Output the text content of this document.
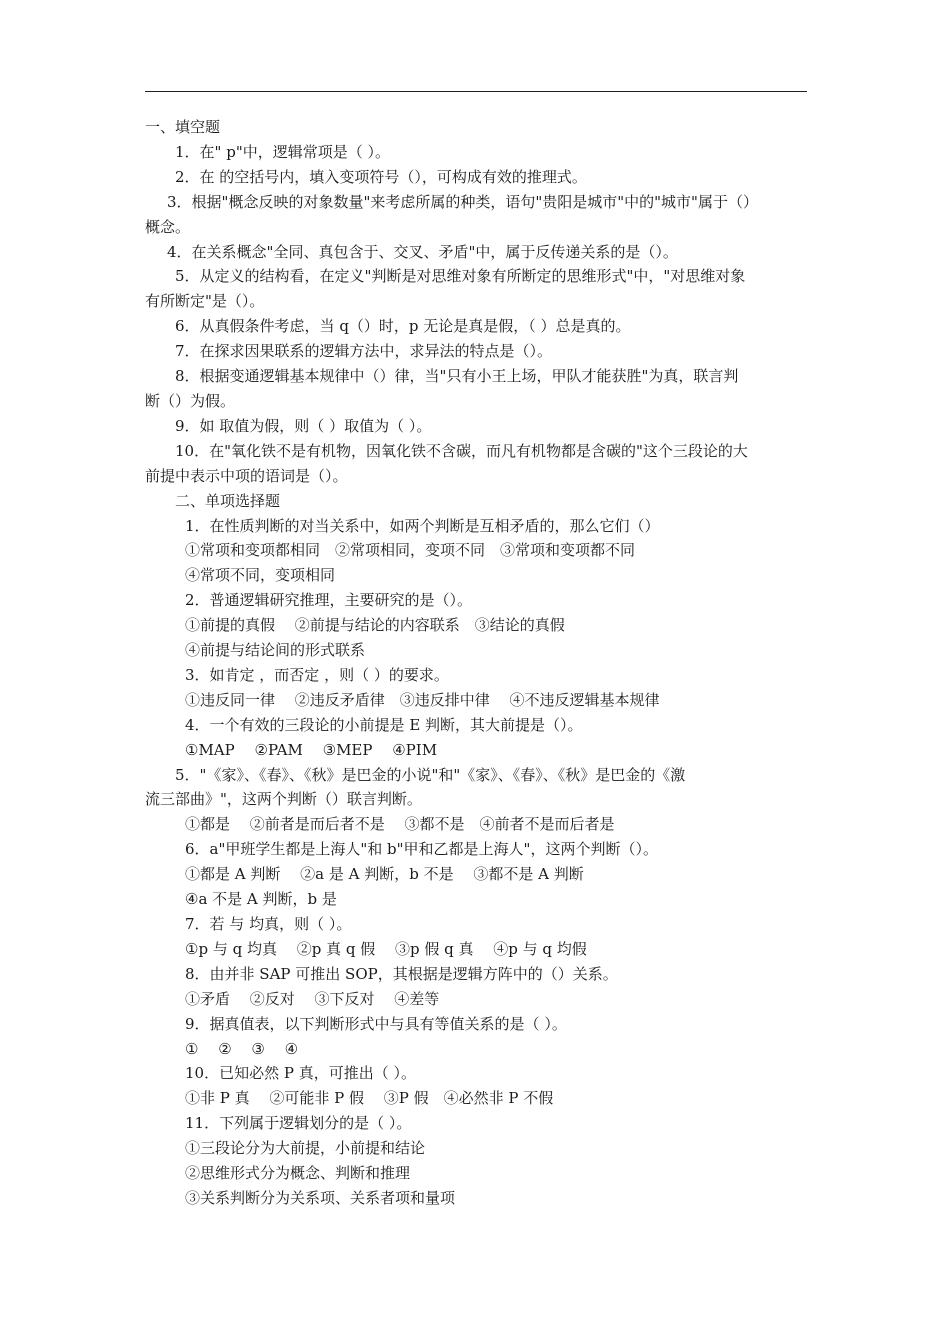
一、填空题
1．在" p"中，逻辑常项是（ ）。
2．在 的空括号内，填入变项符号（），可构成有效的推理式。
3．根据"概念反映的对象数量"来考虑所属的种类，语句"贵阳是城市"中的"城市"属于（）
概念。
4．在关系概念"全同、真包含于、交叉、矛盾"中，属于反传递关系的是（）。
5．从定义的结构看，在定义"判断是对思维对象有所断定的思维形式"中，"对思维对象
有所断定"是（）。
6．从真假条件考虑，当 q（）时，p 无论是真是假，（ ）总是真的。
7．在探求因果联系的逻辑方法中，求异法的特点是（）。
8．根据变通逻辑基本规律中（）律，当"只有小王上场，甲队才能获胜"为真，联言判
断（）为假。
9．如 取值为假，则（ ）取值为（ ）。
10．在"氧化铁不是有机物，因氧化铁不含碳，而凡有机物都是含碳的"这个三段论的大
前提中表示中项的语词是（）。
二、单项选择题
1．在性质判断的对当关系中，如两个判断是互相矛盾的，那么它们（）
①常项和变项都相同　②常项相同，变项不同　③常项和变项都不同
④常项不同，变项相同
2．普通逻辑研究推理，主要研究的是（）。
①前提的真假　 ②前提与结论的内容联系　③结论的真假
④前提与结论间的形式联系
3．如肯定 ，而否定 ，则（ ）的要求。
①违反同一律　 ②违反矛盾律　③违反排中律　 ④不违反逻辑基本规律
4．一个有效的三段论的小前提是 E 判断，其大前提是（）。
①MAP　 ②PAM　 ③MEP　 ④PIM
5．"《家》、《春》、《秋》是巴金的小说"和"《家》、《春》、《秋》是巴金的《激
流三部曲》"，这两个判断（）联言判断。
①都是　 ②前者是而后者不是　 ③都不是　④前者不是而后者是
6．a"甲班学生都是上海人"和 b"甲和乙都是上海人"，这两个判断（）。
①都是 A 判断　 ②a 是 A 判断，b 不是　 ③都不是 A 判断
④a 不是 A 判断，b 是
7．若 与 均真，则（ ）。
①p 与 q 均真　 ②p 真 q 假　 ③p 假 q 真　 ④p 与 q 均假
8．由并非 SAP 可推出 SOP，其根据是逻辑方阵中的（）关系。
①矛盾　 ②反对　 ③下反对　 ④差等
9．据真值表，以下判断形式中与具有等值关系的是（ ）。
①　 ②　 ③　 ④
10．已知必然 P 真，可推出（ ）。
①非 P 真　 ②可能非 P 假　 ③P 假　④必然非 P 不假
11．下列属于逻辑划分的是（ ）。
①三段论分为大前提，小前提和结论
②思维形式分为概念、判断和推理
③关系判断分为关系项、关系者项和量项
